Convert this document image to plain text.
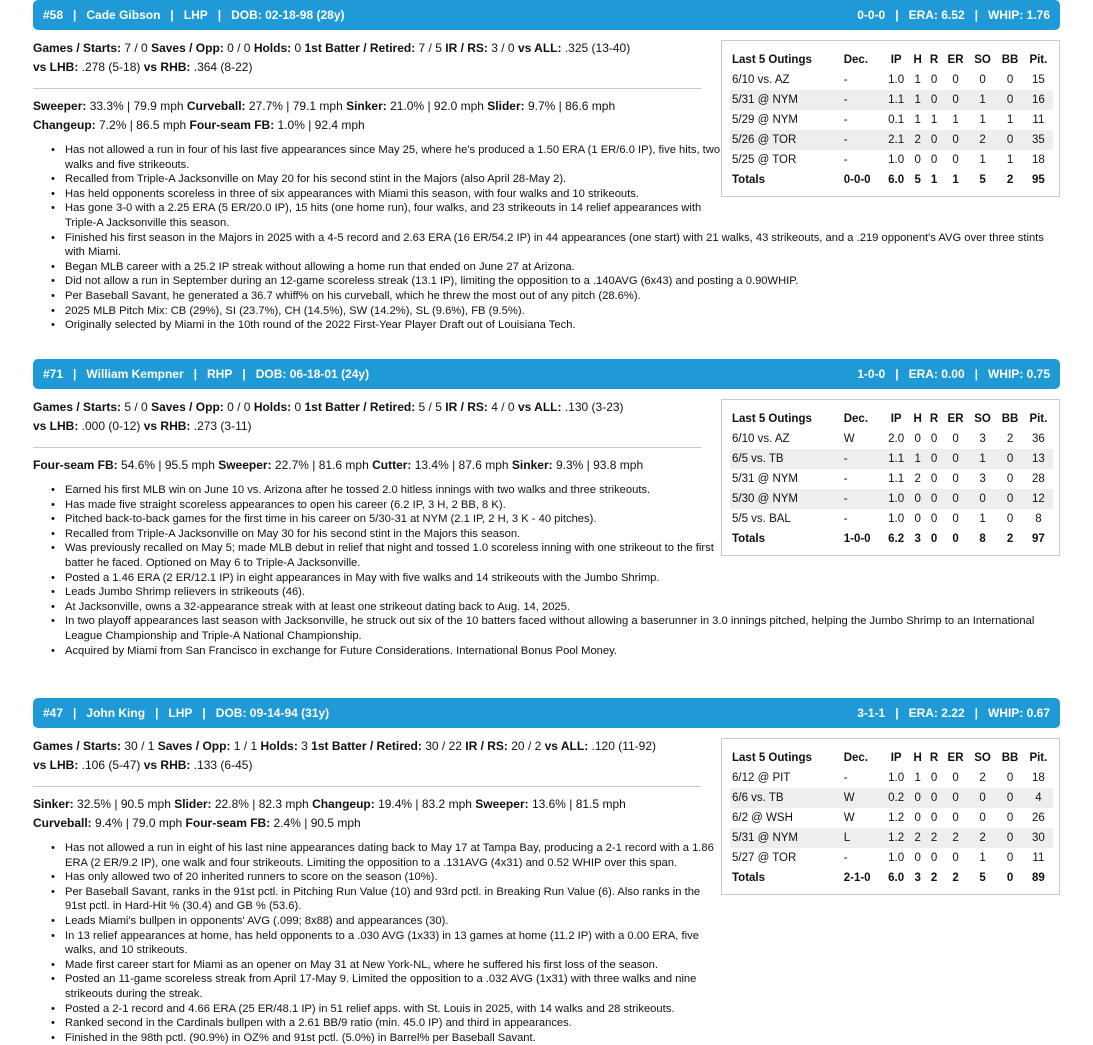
#58 | Cade Gibson | LHP | DOB: 02-18-98 (28y)	0-0-0 | ERA: 6.52 | WHIP: 1.76
Games / Starts: 7 / 0 Saves / Opp: 0 / 0 Holds: 0 1st Batter / Retired: 7 / 5 IR / RS: 3 / 0 vs ALL: .325 (13-40)
vs LHB: .278 (5-18) vs RHB: .364 (8-22)
Sweeper: 33.3% | 79.9 mph Curveball: 27.7% | 79.1 mph Sinker: 21.0% | 92.0 mph Slider: 9.7% | 86.6 mph
Changeup: 7.2% | 86.5 mph Four-seam FB: 1.0% | 92.4 mph
• Has not allowed a run in four of his last five appearances since May 25, where he's produced a 1.50 ERA (1 ER/6.0 IP), five hits, two walks and five strikeouts.
• Recalled from Triple-A Jacksonville on May 20 for his second stint in the Majors (also April 28-May 2).
• Has held opponents scoreless in three of six appearances with Miami this season, with four walks and 10 strikeouts.
• Has gone 3-0 with a 2.25 ERA (5 ER/20.0 IP), 15 hits (one home run), four walks, and 23 strikeouts in 14 relief appearances with Triple-A Jacksonville this season.
• Finished his first season in the Majors in 2025 with a 4-5 record and 2.63 ERA (16 ER/54.2 IP) in 44 appearances (one start) with 21 walks, 43 strikeouts, and a .219 opponent's AVG over three stints with Miami.
• Began MLB career with a 25.2 IP streak without allowing a home run that ended on June 27 at Arizona.
• Did not allow a run in September during an 12-game scoreless streak (13.1 IP), limiting the opposition to a .140AVG (6x43) and posting a 0.90WHIP.
• Per Baseball Savant, he generated a 36.7 whiff% on his curveball, which he threw the most out of any pitch (28.6%).
• 2025 MLB Pitch Mix: CB (29%), SI (23.7%), CH (14.5%), SW (14.2%), SL (9.6%), FB (9.5%).
• Originally selected by Miami in the 10th round of the 2022 First-Year Player Draft out of Louisiana Tech.
Last 5 Outings	Dec.	IP	H	R	ER	SO	BB	Pit.
6/10 vs. AZ	-	1.0	1	0	0	0	0	15
5/31 @ NYM	-	1.1	1	0	0	1	0	16
5/29 @ NYM	-	0.1	1	1	1	1	1	11
5/26 @ TOR	-	2.1	2	0	0	2	0	35
5/25 @ TOR	-	1.0	0	0	0	1	1	18
Totals	0-0-0	6.0	5	1	1	5	2	95
#71 | William Kempner | RHP | DOB: 06-18-01 (24y)	1-0-0 | ERA: 0.00 | WHIP: 0.75
Games / Starts: 5 / 0 Saves / Opp: 0 / 0 Holds: 0 1st Batter / Retired: 5 / 5 IR / RS: 4 / 0 vs ALL: .130 (3-23)
vs LHB: .000 (0-12) vs RHB: .273 (3-11)
Four-seam FB: 54.6% | 95.5 mph Sweeper: 22.7% | 81.6 mph Cutter: 13.4% | 87.6 mph Sinker: 9.3% | 93.8 mph
• Earned his first MLB win on June 10 vs. Arizona after he tossed 2.0 hitless innings with two walks and three strikeouts.
• Has made five straight scoreless appearances to open his career (6.2 IP, 3 H, 2 BB, 8 K).
• Pitched back-to-back games for the first time in his career on 5/30-31 at NYM (2.1 IP, 2 H, 3 K - 40 pitches).
• Recalled from Triple-A Jacksonville on May 30 for his second stint in the Majors this season.
• Was previously recalled on May 5; made MLB debut in relief that night and tossed 1.0 scoreless inning with one strikeout to the first batter he faced. Optioned on May 6 to Triple-A Jacksonville.
• Posted a 1.46 ERA (2 ER/12.1 IP) in eight appearances in May with five walks and 14 strikeouts with the Jumbo Shrimp.
• Leads Jumbo Shrimp relievers in strikeouts (46).
• At Jacksonville, owns a 32-appearance streak with at least one strikeout dating back to Aug. 14, 2025.
• In two playoff appearances last season with Jacksonville, he struck out six of the 10 batters faced without allowing a baserunner in 3.0 innings pitched, helping the Jumbo Shrimp to an International League Championship and Triple-A National Championship.
• Acquired by Miami from San Francisco in exchange for Future Considerations. International Bonus Pool Money.
Last 5 Outings	Dec.	IP	H	R	ER	SO	BB	Pit.
6/10 vs. AZ	W	2.0	0	0	0	3	2	36
6/5 vs. TB	-	1.1	1	0	0	1	0	13
5/31 @ NYM	-	1.1	2	0	0	3	0	28
5/30 @ NYM	-	1.0	0	0	0	0	0	12
5/5 vs. BAL	-	1.0	0	0	0	1	0	8
Totals	1-0-0	6.2	3	0	0	8	2	97
#47 | John King | LHP | DOB: 09-14-94 (31y)	3-1-1 | ERA: 2.22 | WHIP: 0.67
Games / Starts: 30 / 1 Saves / Opp: 1 / 1 Holds: 3 1st Batter / Retired: 30 / 22 IR / RS: 20 / 2 vs ALL: .120 (11-92)
vs LHB: .106 (5-47) vs RHB: .133 (6-45)
Sinker: 32.5% | 90.5 mph Slider: 22.8% | 82.3 mph Changeup: 19.4% | 83.2 mph Sweeper: 13.6% | 81.5 mph
Curveball: 9.4% | 79.0 mph Four-seam FB: 2.4% | 90.5 mph
• Has not allowed a run in eight of his last nine appearances dating back to May 17 at Tampa Bay, producing a 2-1 record with a 1.86 ERA (2 ER/9.2 IP), one walk and four strikeouts. Limiting the opposition to a .131AVG (4x31) and 0.52 WHIP over this span.
• Has only allowed two of 20 inherited runners to score on the season (10%).
• Per Baseball Savant, ranks in the 91st pctl. in Pitching Run Value (10) and 93rd pctl. in Breaking Run Value (6). Also ranks in the 91st pctl. in Hard-Hit % (30.4) and GB % (53.6).
• Leads Miami's bullpen in opponents' AVG (.099; 8x88) and appearances (30).
• In 13 relief appearances at home, has held opponents to a .030 AVG (1x33) in 13 games at home (11.2 IP) with a 0.00 ERA, five walks, and 10 strikeouts.
• Made first career start for Miami as an opener on May 31 at New York-NL, where he suffered his first loss of the season.
• Posted an 11-game scoreless streak from April 17-May 9. Limited the opposition to a .032 AVG (1x31) with three walks and nine strikeouts during the streak.
• Posted a 2-1 record and 4.66 ERA (25 ER/48.1 IP) in 51 relief apps. with St. Louis in 2025, with 14 walks and 28 strikeouts.
• Ranked second in the Cardinals bullpen with a 2.61 BB/9 ratio (min. 45.0 IP) and third in appearances.
• Finished in the 98th pctl. (90.9%) in OZ% and 91st pctl. (5.0%) in Barrel% per Baseball Savant.
Last 5 Outings	Dec.	IP	H	R	ER	SO	BB	Pit.
6/12 @ PIT	-	1.0	1	0	0	2	0	18
6/6 vs. TB	W	0.2	0	0	0	0	0	4
6/2 @ WSH	W	1.2	0	0	0	0	0	26
5/31 @ NYM	L	1.2	2	2	2	2	0	30
5/27 @ TOR	-	1.0	0	0	0	1	0	11
Totals	2-1-0	6.0	3	2	2	5	0	89
